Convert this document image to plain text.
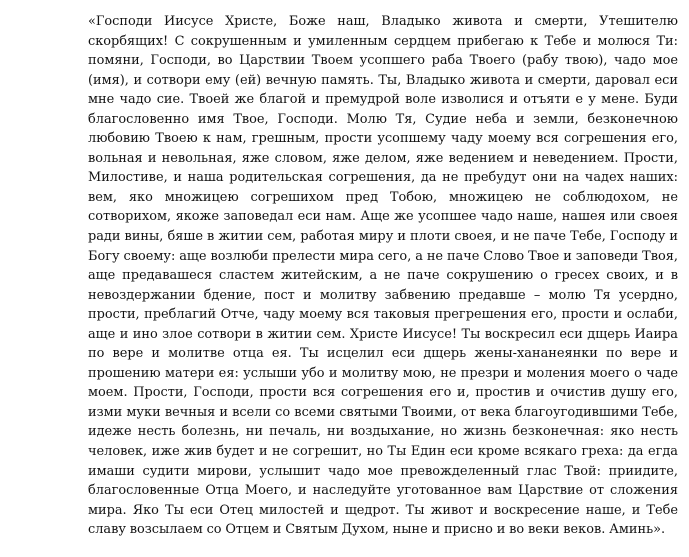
«Господи Иисусе Христе, Боже наш, Владыко живота и смерти, Утешителю скорбящих! С сокрушенным и умиленным сердцем прибегаю к Тебе и молюся Ти: помяни, Господи, во Царствии Твоем усопшего раба Твоего (рабу твою), чадо мое (имя), и сотвори ему (ей) вечную память. Ты, Владыко живота и смерти, даровал еси мне чадо сие. Твоей же благой и премудрой воле изволися и отъяти е у мене. Буди благословенно имя Твое, Господи. Молю Тя, Судие неба и земли, безконечною любовию Твоею к нам, грешным, прости усопшему чаду моему вся согрешения его, вольная и невольная, яже словом, яже делом, яже ведением и неведением. Прости, Милостиве, и наша родительская согрешения, да не пребудут они на чадех наших: вем, яко множицею согрешихом пред Тобою, множицею не соблюдохом, не сотворихом, якоже заповедал еси нам. Аще же усопшее чадо наше, нашея или своея ради вины, бяше в житии сем, работая миру и плоти своея, и не паче Тебе, Господу и Богу своему: аще возлюби прелести мира сего, а не паче Слово Твое и заповеди Твоя, аще предавашеся сластем житейским, а не паче сокрушению о гресех своих, и в невоздержании бдение, пост и молитву забвению предавше – молю Тя усердно, прости, преблагий Отче, чаду моему вся таковыя прегрешения его, прости и ослаби, аще и ино злое сотвори в житии сем. Христе Иисусе! Ты воскресил еси дщерь Иаира по вере и молитве отца ея. Ты исцелил еси дщерь жены-хананеянки по вере и прошению матери ея: услыши убо и молитву мою, не презри и моления моего о чаде моем. Прости, Господи, прости вся согрешения его и, простив и очистив душу его, изми муки вечныя и всели со всеми святыми Твоими, от века благоугодившими Тебе, идеже несть болезнь, ни печаль, ни воздыхание, но жизнь безконечная: яко несть человек, иже жив будет и не согрешит, но Ты Един еси кроме всякаго греха: да егда имаши судити мирови, услышит чадо мое превожделенный глас Твой: приидите, благословенные Отца Моего, и наследуйте уготованное вам Царствие от сложения мира. Яко Ты еси Отец милостей и щедрот. Ты живот и воскресение наше, и Тебе славу возсылаем со Отцем и Святым Духом, ныне и присно и во веки веков. Аминь».
